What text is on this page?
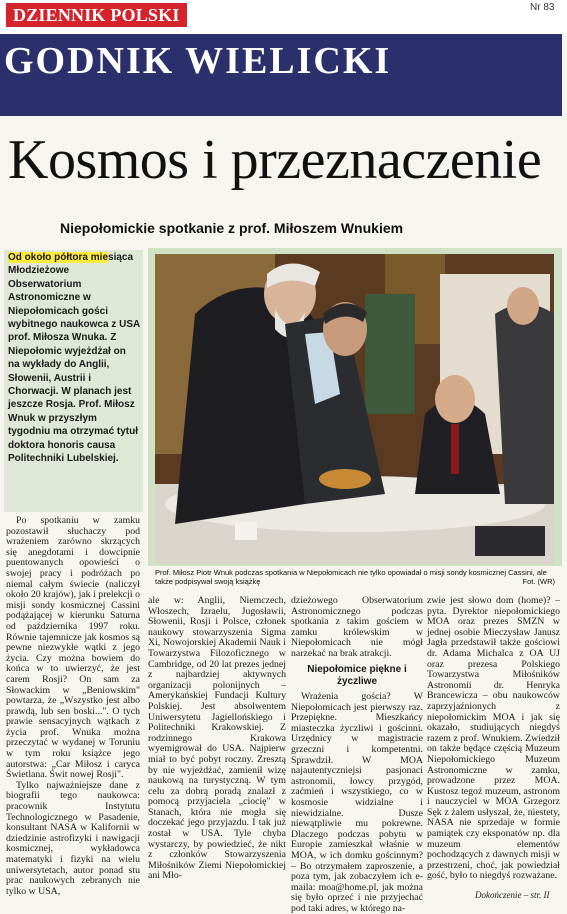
DZIENNIK POLSKI	Nr 83
GODNIK WIELICKI
Kosmos i przeznaczenie
Niepołomickie spotkanie z prof. Miłoszem Wnukiem
Od około półtora miesiąca Młodzieżowe Obserwatorium Astronomiczne w Niepołomicach gości wybitnego naukowca z USA prof. Miłosza Wnuka. Z Niepołomic wyjeżdżał on na wykłady do Anglii, Słowenii, Austrii i Chorwacji. W planach jest jeszcze Rosja. Prof. Miłosz Wnuk w przyszłym tygodniu ma otrzymać tytuł doktora honoris causa Politechniki Lubelskiej.
Prof. Miłosz Piotr Wnuk podczas spotkania w Niepołomicach nie tylko opowiadał o misji sondy kosmicznej Cassini, ale także podpisywał swoją książkę	Fot. (WR)

Po spotkaniu w zamku pozostawił słuchaczy pod wrażeniem zarówno skrzących się anegdotami i dowcipnie puentowanych opowieści o swojej pracy i podróżach po niemal całym świecie (naliczył około 20 krajów), jak i prelekcji o misji sondy kosmicznej Cassini podążającej w kierunku Saturna od października 1997 roku. Równie tajemnicze jak kosmos są pewne niezwykłe wątki z jego życia. Czy można bowiem do końca w to uwierzyć, że jest carem Rosji? On sam za Słowackim w „Beniowskim" powtarza, że „Wszystko jest albo prawdą, lub sen boski...". O tych prawie sensacyjnych wątkach z życia prof. Wnuka można przeczytać w wydanej w Toruniu w tym roku książce jego autorstwa: „Car Miłosz i caryca Świetlana. Świt nowej Rosji".

Tylko najważniejsze dane z biografii tego naukowca: pracownik Instytutu Technologicznego w Pasadenie, konsultant NASA w Kalifornii w dziedzinie astrofizyki i nawigacji kosmicznej, wykładowca matematyki i fizyki na wielu uniwersytetach, autor ponad stu prac naukowych zebranych nie tylko w USA,

ale w: Anglii, Niemczech, Włoszech, Izraelu, Jugosławii, Słowenii, Rosji i Polsce, członek naukowy stowarzyszenia Sigma Xi, Nowojorskiej Akademii Nauk i Towarzystwa Filozoficznego w Cambridge, od 20 lat prezes jednej z najbardziej aktywnych organizacji polonijnych – Amerykańskiej Fundacji Kultury Polskiej. Jest absolwentem Uniwersytetu Jagiellońskiego i Politechniki Krakowskiej. Z rodzinnego Krakowa wyemigrował do USA. Najpierw miał to być pobyt roczny. Zresztą by nie wyjeżdżać, zamienił wizę naukową na turystyczną. W tym celu za dobrą poradą znalazł z pomocą przyjaciela „ciocię" w Stanach, która nie mogła się doczekać jego przyjazdu. I tak już został w USA. Tyle chyba wystarczy, by powiedzieć, że nikt z członków Stowarzyszenia Miłośników Ziemi Niepołomickiej ani Mło-

dzieżowego Obserwatorium Astronomicznego podczas spotkania z takim gościem w zamku królewskim w Niepołomicach nie mógł narzekać na brak atrakcji.

Niepołomice piękne i życzliwe

Wrażenia gościa? W Niepołomicach jest pierwszy raz. Przepiękne. Mieszkańcy miasteczka życzliwi i gościnni. Urzędnicy w magistracie grzeczni i kompetentni. Sprawdził. W MOA najautentyczniejsi pasjonaci astronomii, łowcy przygód, zaćmień i wszystkiego, co w kosmosie widzialne i niewidzialne. Dusze niewątpliwie mu pokrewne. Dlaczego podczas pobytu w Europie zamieszkał właśnie w MOA, w ich domku gościnnym? – Bo otrzymałem zaproszenie, a poza tym, jak zobaczyłem ich e-maila: moa@home.pl, jak można się było oprzeć i nie przyjechać pod taki adres, w którego na-

zwie jest słowo dom (home)? – pyta. Dyrektor niepołomickiego MOA oraz prezes SMZN w jednej osobie Mieczysław Janusz Jagła przedstawił także gościowi dr. Adama Michalca z OA UJ oraz prezesa Polskiego Towarzystwa Miłośników Astronomii dr. Henryka Brancewicza – obu naukowców zaprzyjaźnionych z niepołomickim MOA i jak się okazało, studiujących niegdyś razem z prof. Wnukiem. Zwiedził on także będące częścią Muzeum Niepołomickiego Muzeum Astronomiczne w zamku, prowadzone przez MOA. Kustosz tegoż muzeum, astronom i nauczyciel w MOA Grzegorz Sęk z żalem usłyszał, że, niestety, NASA nie sprzedaje w formie pamiątek czy eksponatów np. dla muzeum elementów pochodzących z dawnych misji w przestrzeni, choć, jak powiedział gość, było to niegdyś rozważane.

Dokończenie – str. II
